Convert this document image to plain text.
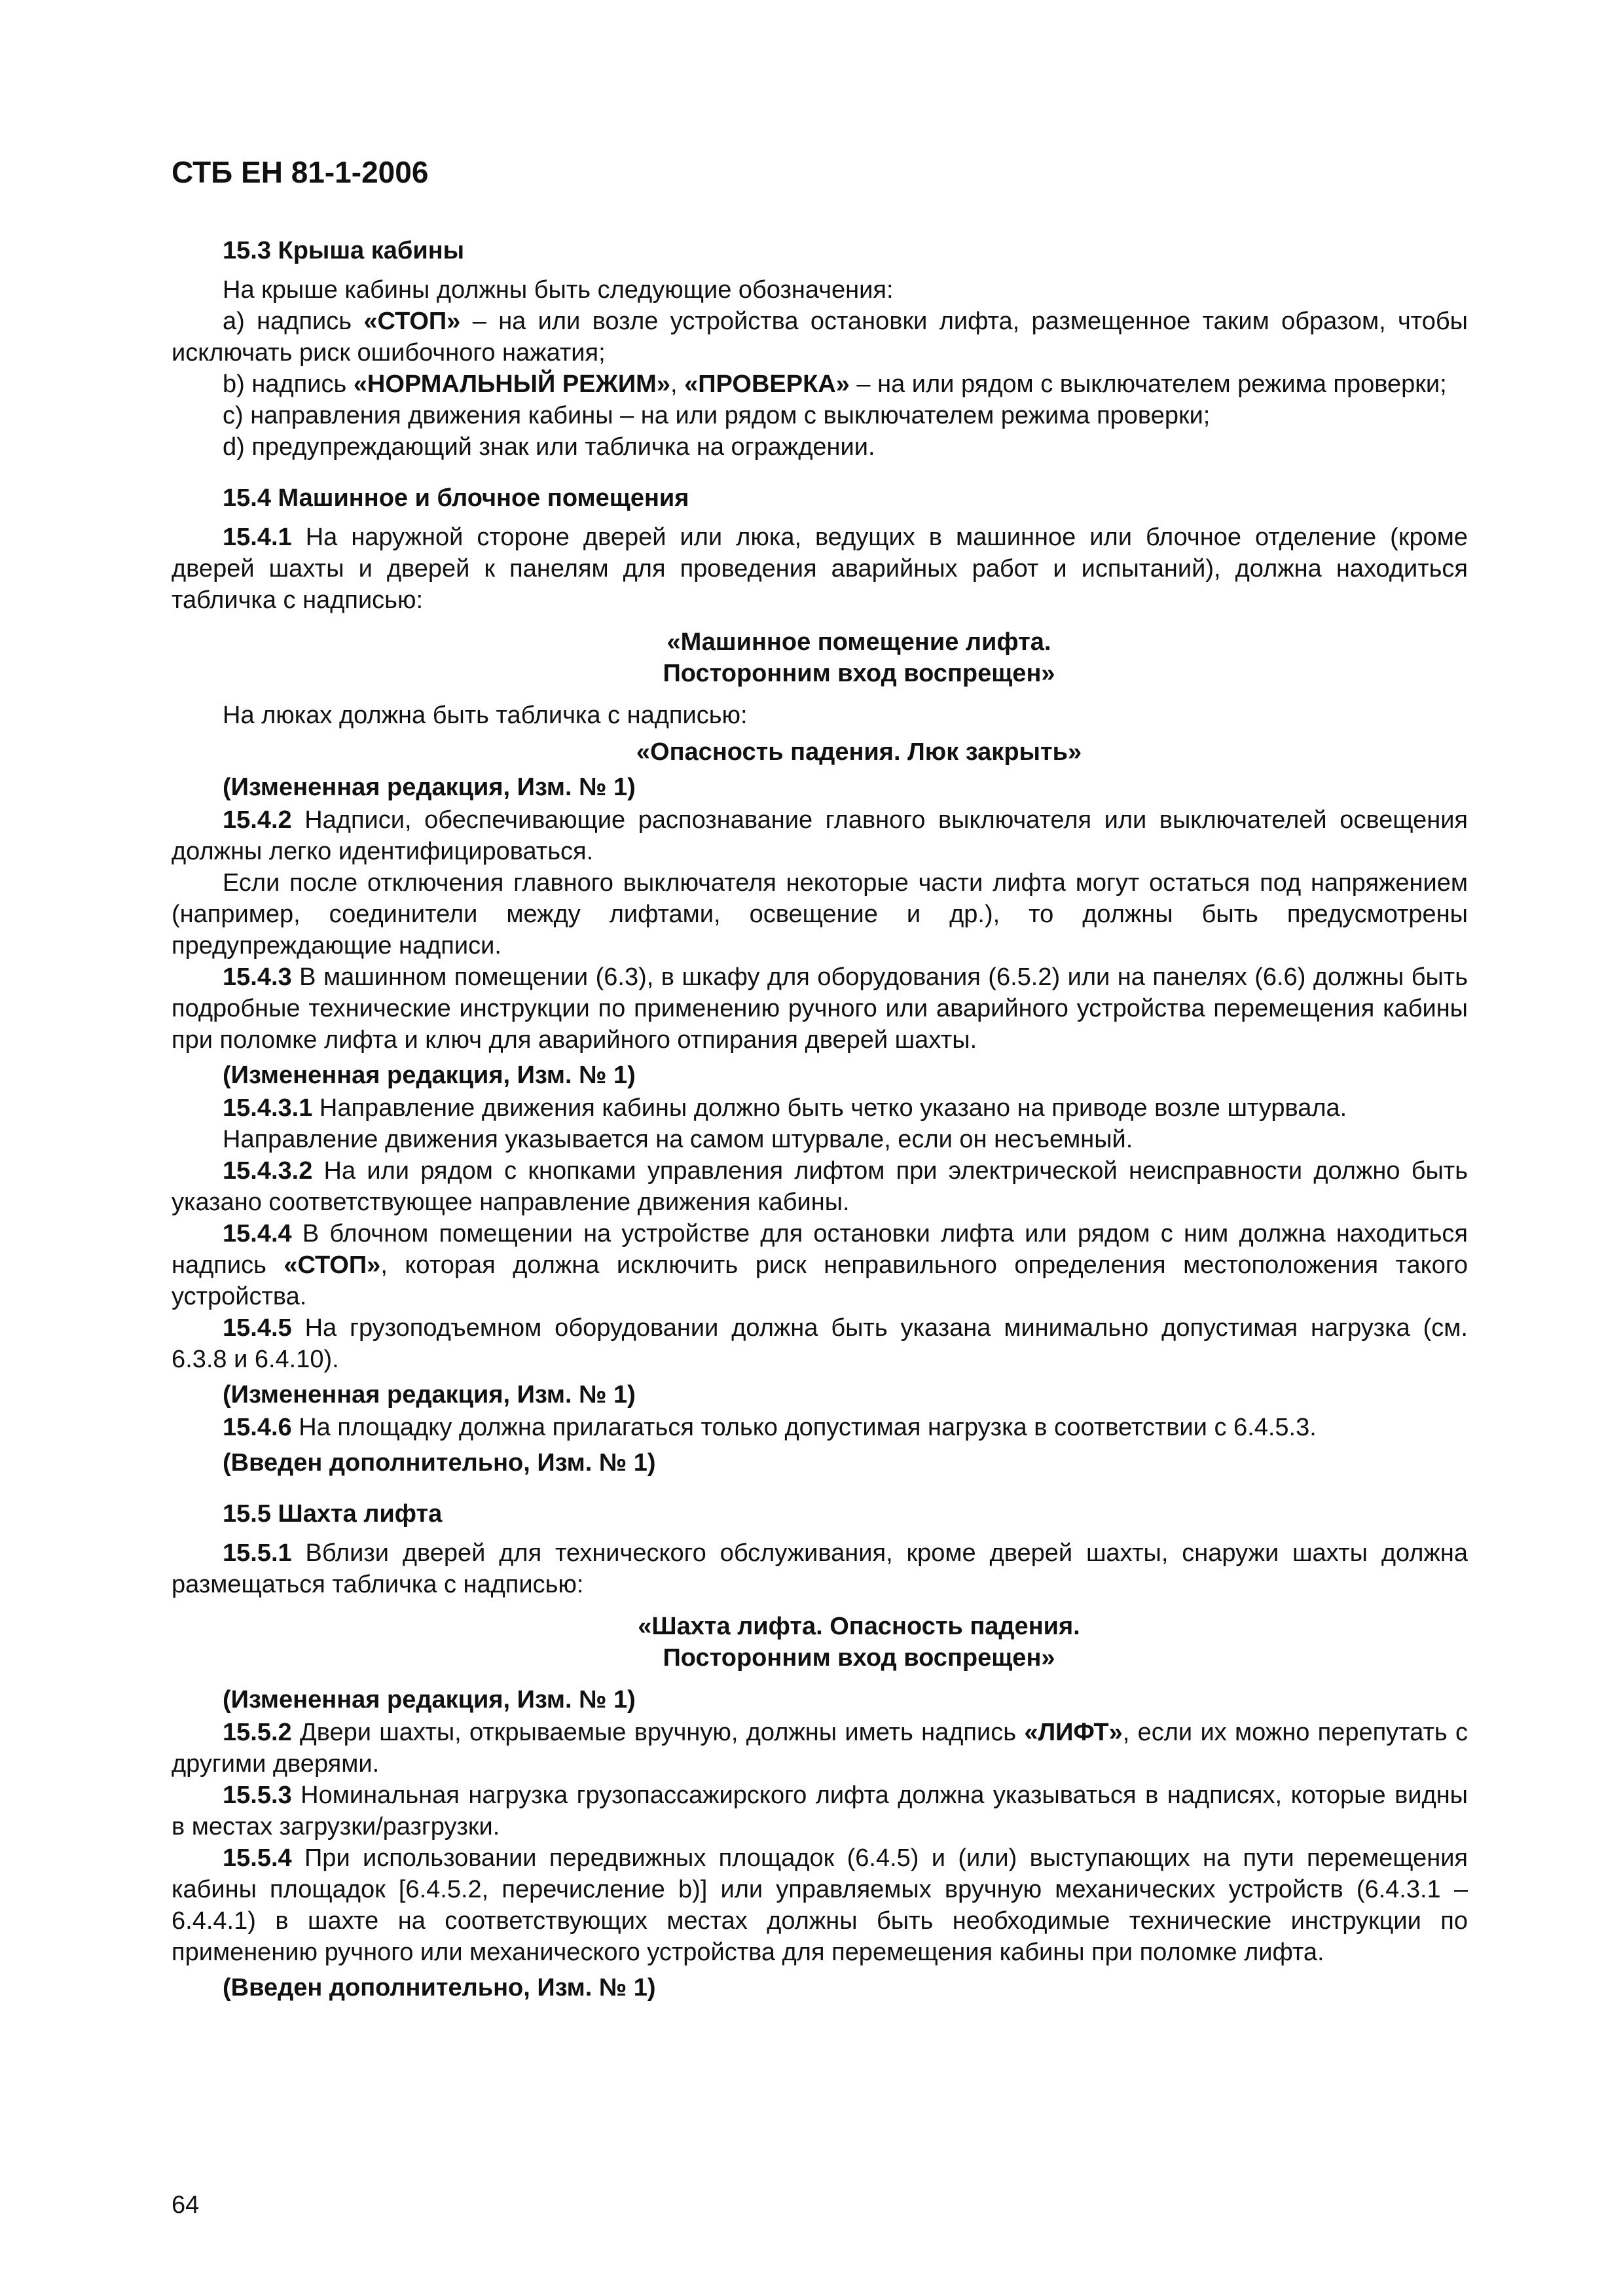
СТБ ЕН 81-1-2006
15.3 Крыша кабины

На крыше кабины должны быть следующие обозначения:

а) надпись «СТОП» – на или возле устройства остановки лифта, размещенное таким образом, чтобы исключать риск ошибочного нажатия;

b) надпись «НОРМАЛЬНЫЙ РЕЖИМ», «ПРОВЕРКА» – на или рядом с выключателем режима проверки;

с) направления движения кабины – на или рядом с выключателем режима проверки;

d) предупреждающий знак или табличка на ограждении.

15.4 Машинное и блочное помещения

15.4.1 На наружной стороне дверей или люка, ведущих в машинное или блочное отделение (кроме дверей шахты и дверей к панелям для проведения аварийных работ и испытаний), должна находиться табличка с надписью:

«Машинное помещение лифта.
Посторонним вход воспрещен»

На люках должна быть табличка с надписью:

«Опасность падения. Люк закрыть»

(Измененная редакция, Изм. № 1)

15.4.2 Надписи, обеспечивающие распознавание главного выключателя или выключателей освещения должны легко идентифицироваться.

Если после отключения главного выключателя некоторые части лифта могут остаться под напряжением (например, соединители между лифтами, освещение и др.), то должны быть предусмотрены предупреждающие надписи.

15.4.3 В машинном помещении (6.3), в шкафу для оборудования (6.5.2) или на панелях (6.6) должны быть подробные технические инструкции по применению ручного или аварийного устройства перемещения кабины при поломке лифта и ключ для аварийного отпирания дверей шахты.

(Измененная редакция, Изм. № 1)

15.4.3.1 Направление движения кабины должно быть четко указано на приводе возле штурвала.

Направление движения указывается на самом штурвале, если он несъемный.

15.4.3.2 На или рядом с кнопками управления лифтом при электрической неисправности должно быть указано соответствующее направление движения кабины.

15.4.4 В блочном помещении на устройстве для остановки лифта или рядом с ним должна находиться надпись «СТОП», которая должна исключить риск неправильного определения местоположения такого устройства.

15.4.5 На грузоподъемном оборудовании должна быть указана минимально допустимая нагрузка (см. 6.3.8 и 6.4.10).

(Измененная редакция, Изм. № 1)

15.4.6 На площадку должна прилагаться только допустимая нагрузка в соответствии с 6.4.5.3.

(Введен дополнительно, Изм. № 1)

15.5 Шахта лифта

15.5.1 Вблизи дверей для технического обслуживания, кроме дверей шахты, снаружи шахты должна размещаться табличка с надписью:

«Шахта лифта. Опасность падения.
Посторонним вход воспрещен»

(Измененная редакция, Изм. № 1)

15.5.2 Двери шахты, открываемые вручную, должны иметь надпись «ЛИФТ», если их можно перепутать с другими дверями.

15.5.3 Номинальная нагрузка грузопассажирского лифта должна указываться в надписях, которые видны в местах загрузки/разгрузки.

15.5.4 При использовании передвижных площадок (6.4.5) и (или) выступающих на пути перемещения кабины площадок [6.4.5.2, перечисление b)] или управляемых вручную механических устройств (6.4.3.1 – 6.4.4.1) в шахте на соответствующих местах должны быть необходимые технические инструкции по применению ручного или механического устройства для перемещения кабины при поломке лифта.

(Введен дополнительно, Изм. № 1)

64
